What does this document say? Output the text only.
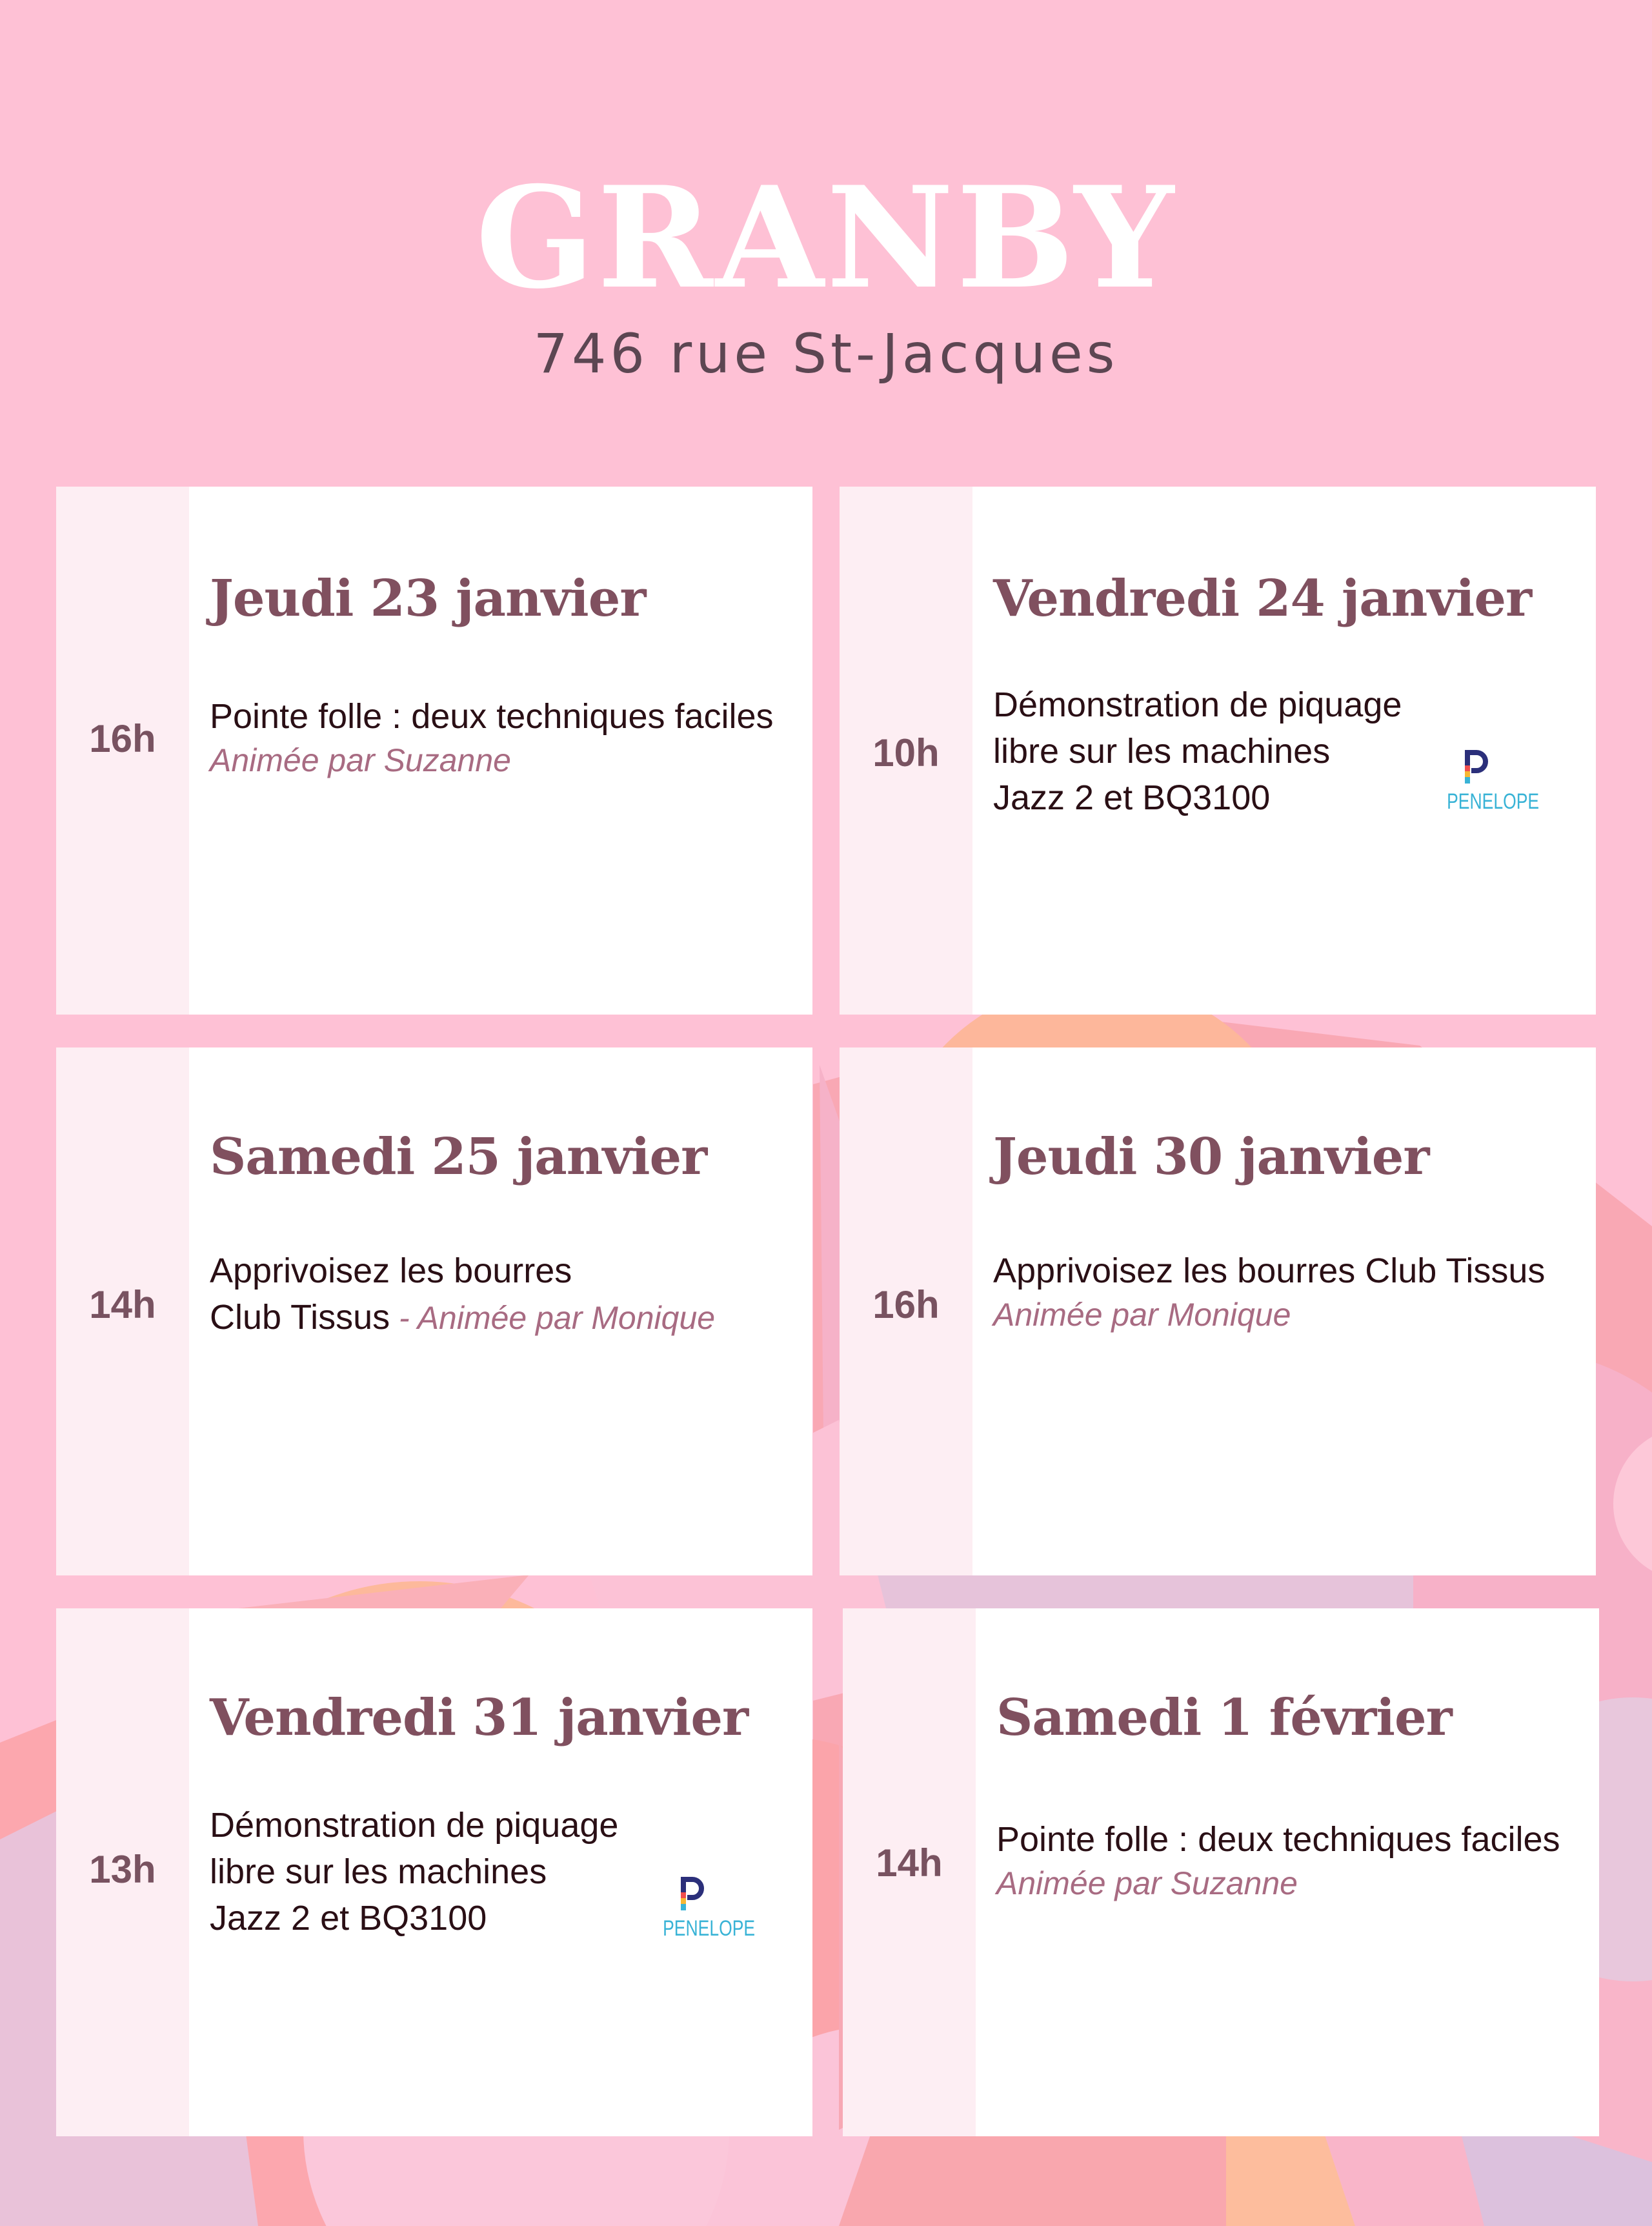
GRANBY
746 rue St-Jacques
16h
Jeudi 23 janvier
Pointe folle : deux techniques faciles
Animée par Suzanne	10h
Vendredi 24 janvier
Démonstration de piquage
libre sur les machines
Jazz 2 et BQ3100	PENELOPE
14h
Samedi 25 janvier
Apprivoisez les bourres
Club Tissus - Animée par Monique	16h
Jeudi 30 janvier
Apprivoisez les bourres Club Tissus
Animée par Monique
13h
Vendredi 31 janvier
Démonstration de piquage
libre sur les machines
Jazz 2 et BQ3100	PENELOPE
14h
Samedi 1 février
Pointe folle : deux techniques faciles
Animée par Suzanne
